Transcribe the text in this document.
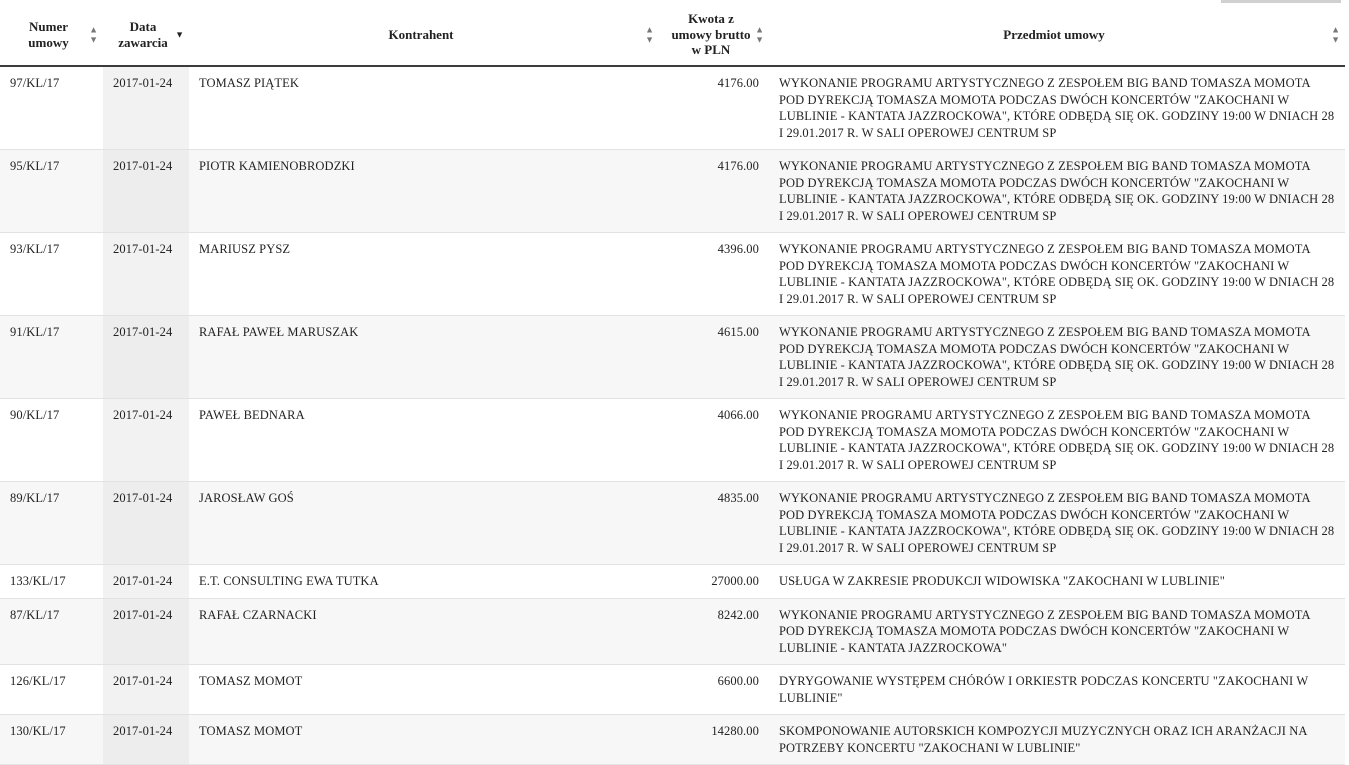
Numer umowy
▲
▼	Data zawarcia
▼	Kontrahent ▲
▼	Kwota z umowy brutto w PLN
▲
▼	Przedmiot umowy ▲
▼

97/KL/17	2017-01-24	TOMASZ PIĄTEK	4176.00	WYKONANIE PROGRAMU ARTYSTYCZNEGO Z ZESPOŁEM BIG BAND TOMASZA MOMOTA POD DYREKCJĄ TOMASZA MOMOTA PODCZAS DWÓCH KONCERTÓW "ZAKOCHANI W LUBLINIE - KANTATA JAZZROCKOWA", KTÓRE ODBĘDĄ SIĘ OK. GODZINY 19:00 W DNIACH 28 I 29.01.2017 R. W SALI OPEROWEJ CENTRUM SP

95/KL/17	2017-01-24	PIOTR KAMIENOBRODZKI	4176.00	WYKONANIE PROGRAMU ARTYSTYCZNEGO Z ZESPOŁEM BIG BAND TOMASZA MOMOTA POD DYREKCJĄ TOMASZA MOMOTA PODCZAS DWÓCH KONCERTÓW "ZAKOCHANI W LUBLINIE - KANTATA JAZZROCKOWA", KTÓRE ODBĘDĄ SIĘ OK. GODZINY 19:00 W DNIACH 28 I 29.01.2017 R. W SALI OPEROWEJ CENTRUM SP

93/KL/17	2017-01-24	MARIUSZ PYSZ	4396.00	WYKONANIE PROGRAMU ARTYSTYCZNEGO Z ZESPOŁEM BIG BAND TOMASZA MOMOTA POD DYREKCJĄ TOMASZA MOMOTA PODCZAS DWÓCH KONCERTÓW "ZAKOCHANI W LUBLINIE - KANTATA JAZZROCKOWA", KTÓRE ODBĘDĄ SIĘ OK. GODZINY 19:00 W DNIACH 28 I 29.01.2017 R. W SALI OPEROWEJ CENTRUM SP

91/KL/17	2017-01-24	RAFAŁ PAWEŁ MARUSZAK	4615.00	WYKONANIE PROGRAMU ARTYSTYCZNEGO Z ZESPOŁEM BIG BAND TOMASZA MOMOTA POD DYREKCJĄ TOMASZA MOMOTA PODCZAS DWÓCH KONCERTÓW "ZAKOCHANI W LUBLINIE - KANTATA JAZZROCKOWA", KTÓRE ODBĘDĄ SIĘ OK. GODZINY 19:00 W DNIACH 28 I 29.01.2017 R. W SALI OPEROWEJ CENTRUM SP

90/KL/17	2017-01-24	PAWEŁ BEDNARA	4066.00	WYKONANIE PROGRAMU ARTYSTYCZNEGO Z ZESPOŁEM BIG BAND TOMASZA MOMOTA POD DYREKCJĄ TOMASZA MOMOTA PODCZAS DWÓCH KONCERTÓW "ZAKOCHANI W LUBLINIE - KANTATA JAZZROCKOWA", KTÓRE ODBĘDĄ SIĘ OK. GODZINY 19:00 W DNIACH 28 I 29.01.2017 R. W SALI OPEROWEJ CENTRUM SP

89/KL/17	2017-01-24	JAROSŁAW GOŚ	4835.00	WYKONANIE PROGRAMU ARTYSTYCZNEGO Z ZESPOŁEM BIG BAND TOMASZA MOMOTA POD DYREKCJĄ TOMASZA MOMOTA PODCZAS DWÓCH KONCERTÓW "ZAKOCHANI W LUBLINIE - KANTATA JAZZROCKOWA", KTÓRE ODBĘDĄ SIĘ OK. GODZINY 19:00 W DNIACH 28 I 29.01.2017 R. W SALI OPEROWEJ CENTRUM SP

133/KL/17	2017-01-24	E.T. CONSULTING EWA TUTKA	27000.00	USŁUGA W ZAKRESIE PRODUKCJI WIDOWISKA "ZAKOCHANI W LUBLINIE"

87/KL/17	2017-01-24	RAFAŁ CZARNACKI	8242.00	WYKONANIE PROGRAMU ARTYSTYCZNEGO Z ZESPOŁEM BIG BAND TOMASZA MOMOTA POD DYREKCJĄ TOMASZA MOMOTA PODCZAS DWÓCH KONCERTÓW "ZAKOCHANI W LUBLINIE - KANTATA JAZZROCKOWA"

126/KL/17	2017-01-24	TOMASZ MOMOT	6600.00	DYRYGOWANIE WYSTĘPEM CHÓRÓW I ORKIESTR PODCZAS KONCERTU "ZAKOCHANI W LUBLINIE"

130/KL/17	2017-01-24	TOMASZ MOMOT	14280.00	SKOMPONOWANIE AUTORSKICH KOMPOZYCJI MUZYCZNYCH ORAZ ICH ARANŻACJI NA POTRZEBY KONCERTU "ZAKOCHANI W LUBLINIE"
